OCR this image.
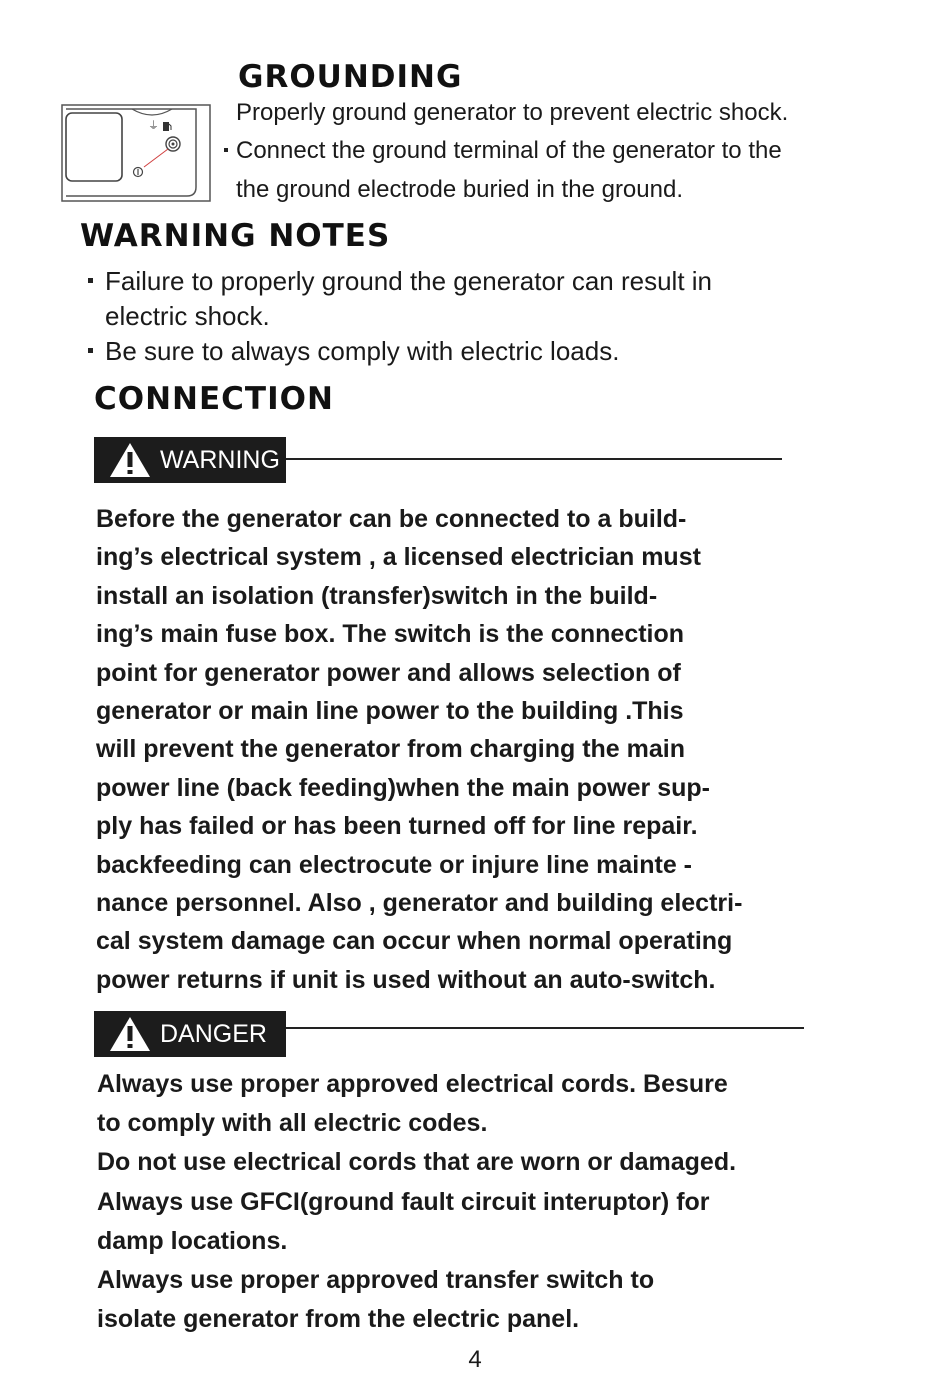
GROUNDING
⏚	Properly ground generator to prevent electric shock.
Connect the ground terminal of the generator to the
the ground electrode buried in the ground.
WARNING NOTES
Failure to properly ground the generator can result in
electric shock.
Be sure to always comply with electric loads.
CONNECTION
WARNING
Before the generator can be connected to a build-
ing’s electrical system , a licensed electrician must
install an isolation (transfer)switch in the build-
ing’s main fuse box. The switch is the connection
point for generator power and allows selection of
generator or main line power to the building .This
will prevent the generator from charging the main
power line (back feeding)when the main power sup-
ply has failed or has been turned off for line repair.
backfeeding can electrocute or injure line mainte -
nance personnel. Also , generator and building electri-
cal system damage can occur when normal operating
power returns if unit is used without an auto-switch.
DANGER
Always use proper approved electrical cords. Besure
to comply with all electric codes.
Do not use electrical cords that are worn or damaged.
Always use GFCI(ground fault circuit interuptor) for
damp locations.
Always use proper approved transfer switch to
isolate generator from the electric panel.
4
